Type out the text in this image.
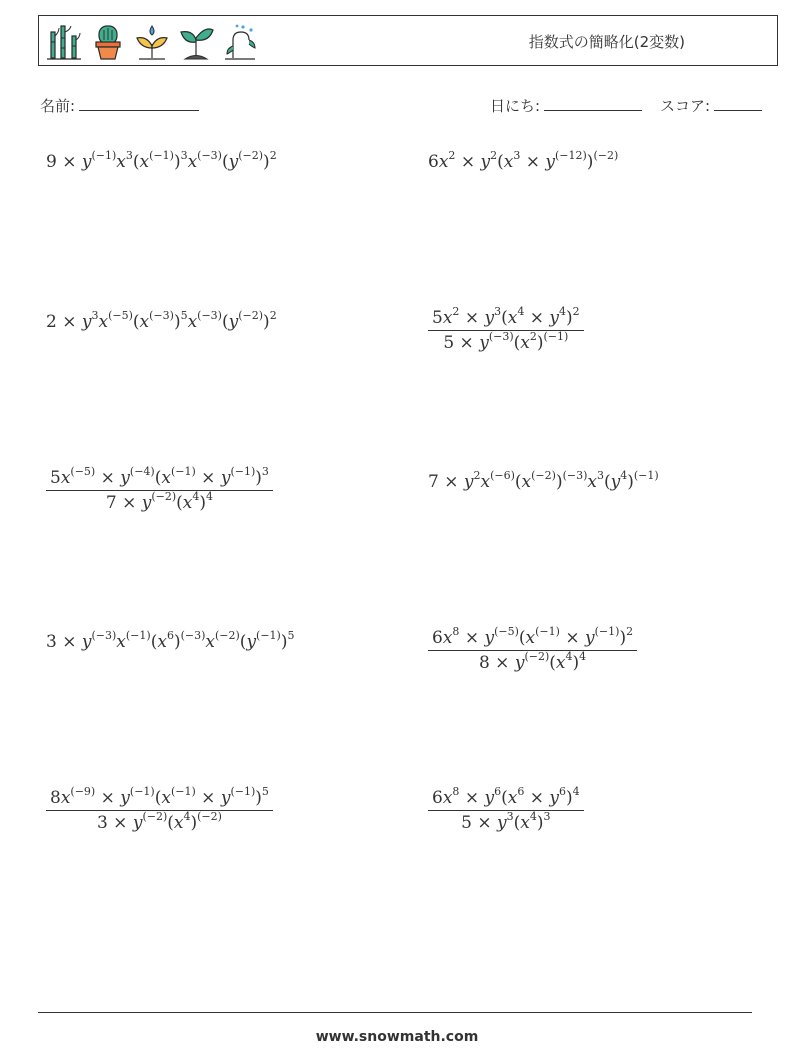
指数式の簡略化(2変数)
名前:	日にち:	スコア:
$9 \times y^{(-1)}x^3(x^{(-1)})^3x^{(-3)}(y^{(-2)})^2$	$6x^2 \times y^2(x^3 \times y^{(-12)})^{(-2)}$
$2 \times y^3x^{(-5)}(x^{(-3)})^5x^{(-3)}(y^{(-2)})^2$	$\frac{5x^2 \times y^3(x^4 \times y^4)^2}{5 \times y^{(-3)}(x^2)^{(-1)}}$
$\frac{5x^{(-5)} \times y^{(-4)}(x^{(-1)} \times y^{(-1)})^3}{7 \times y^{(-2)}(x^4)^4}$	$7 \times y^2x^{(-6)}(x^{(-2)})^{(-3)}x^3(y^4)^{(-1)}$
$3 \times y^{(-3)}x^{(-1)}(x^6)^{(-3)}x^{(-2)}(y^{(-1)})^5$	$\frac{6x^8 \times y^{(-5)}(x^{(-1)} \times y^{(-1)})^2}{8 \times y^{(-2)}(x^4)^4}$
$\frac{8x^{(-9)} \times y^{(-1)}(x^{(-1)} \times y^{(-1)})^5}{3 \times y^{(-2)}(x^4)^{(-2)}}$	$\frac{6x^8 \times y^6(x^6 \times y^6)^4}{5 \times y^3(x^4)^3}$
www.snowmath.com
